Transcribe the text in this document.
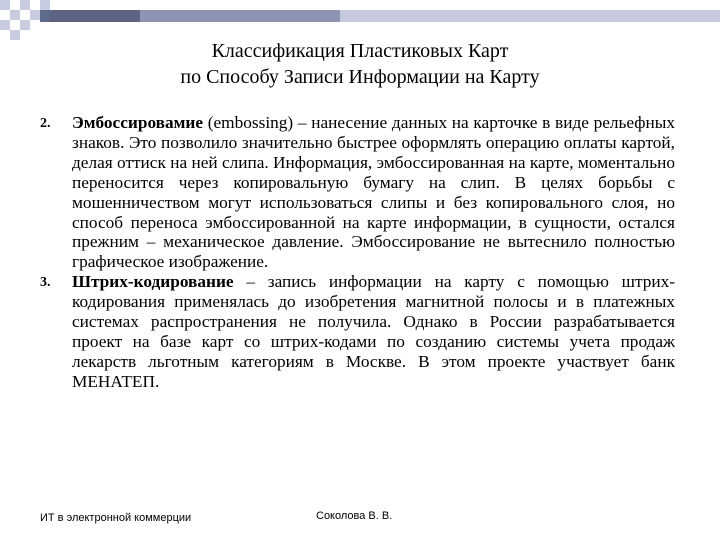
Классификация Пластиковых Карт
по Способу Записи Информации на Карту
2. Эмбоссировамие (embossing) – нанесение данных на карточке в виде рельефных знаков. Это позволило значительно быстрее оформлять операцию оплаты картой, делая оттиск на ней слипа. Информация, эмбоссированная на карте, моментально переносится через копировальную бумагу на слип. В целях борьбы с мошенничеством могут использоваться слипы и без копировального слоя, но способ переноса эмбоссированной на карте информации, в сущности, остался прежним – механическое давление. Эмбоссирование не вытеснило полностью графическое изображение.
3. Штрих-кодирование – запись информации на карту с помощью штрих-кодирования применялась до изобретения магнитной полосы и в платежных системах распространения не получила. Однако в России разрабатывается проект на базе карт со штрих-кодами по созданию системы учета продаж лекарств льготным категориям в Москве. В этом проекте участвует банк МЕНАТЕП.
ИТ в электронной коммерции	Соколова В. В.
